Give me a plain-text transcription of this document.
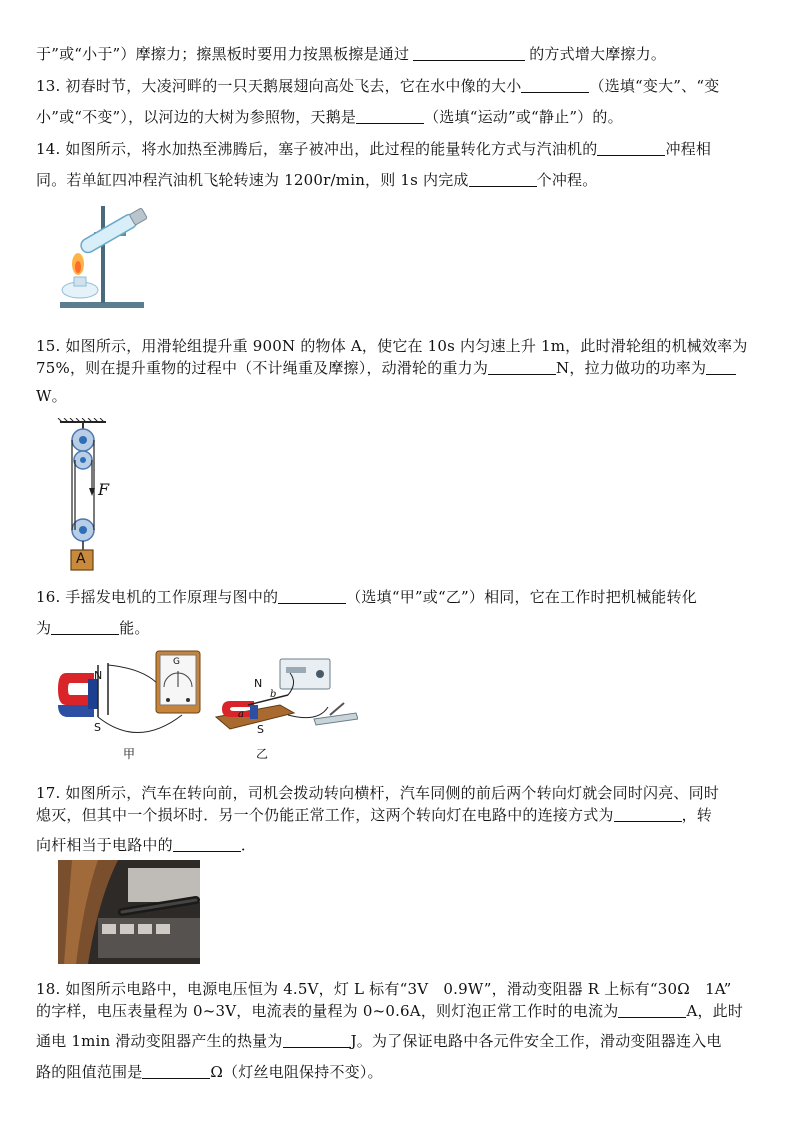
于”或“小于”）摩擦力；擦黑板时要用力按黑板擦是通过	的方式增大摩擦力。
13. 初春时节，大凌河畔的一只天鹅展翅向高处飞去，它在水中像的大小	（选填“变大”、“变
小”或“不变”），以河边的大树为参照物，天鹅是	（选填“运动”或“静止”）的。
14. 如图所示，将水加热至沸腾后，塞子被冲出，此过程的能量转化方式与汽油机的	冲程相
同。若单缸四冲程汽油机飞轮转速为 1200r/min，则 1s 内完成	个冲程。
15. 如图所示，用滑轮组提升重 900N 的物体 A，使它在 10s 内匀速上升 1m，此时滑轮组的机械效率为
75%，则在提升重物的过程中（不计绳重及摩擦），动滑轮的重力为	N，拉力做功的功率为
W。
F
A
16. 手摇发电机的工作原理与图中的	（选填“甲”或“乙”）相同，它在工作时把机械能转化
为	能。
N
S
G
N
S
a
b
甲	乙
17. 如图所示，汽车在转向前，司机会拨动转向横杆，汽车同侧的前后两个转向灯就会同时闪亮、同时
熄灭，但其中一个损坏时．另一个仍能正常工作，这两个转向灯在电路中的连接方式为	，转
向杆相当于电路中的	．
18. 如图所示电路中，电源电压恒为 4.5V，灯 L 标有“3V　0.9W”，滑动变阻器 R 上标有“30Ω　1A”
的字样，电压表量程为 0~3V，电流表的量程为 0~0.6A，则灯泡正常工作时的电流为	A，此时
通电 1min 滑动变阻器产生的热量为	J。为了保证电路中各元件安全工作，滑动变阻器连入电
路的阻值范围是	Ω（灯丝电阻保持不变）。
